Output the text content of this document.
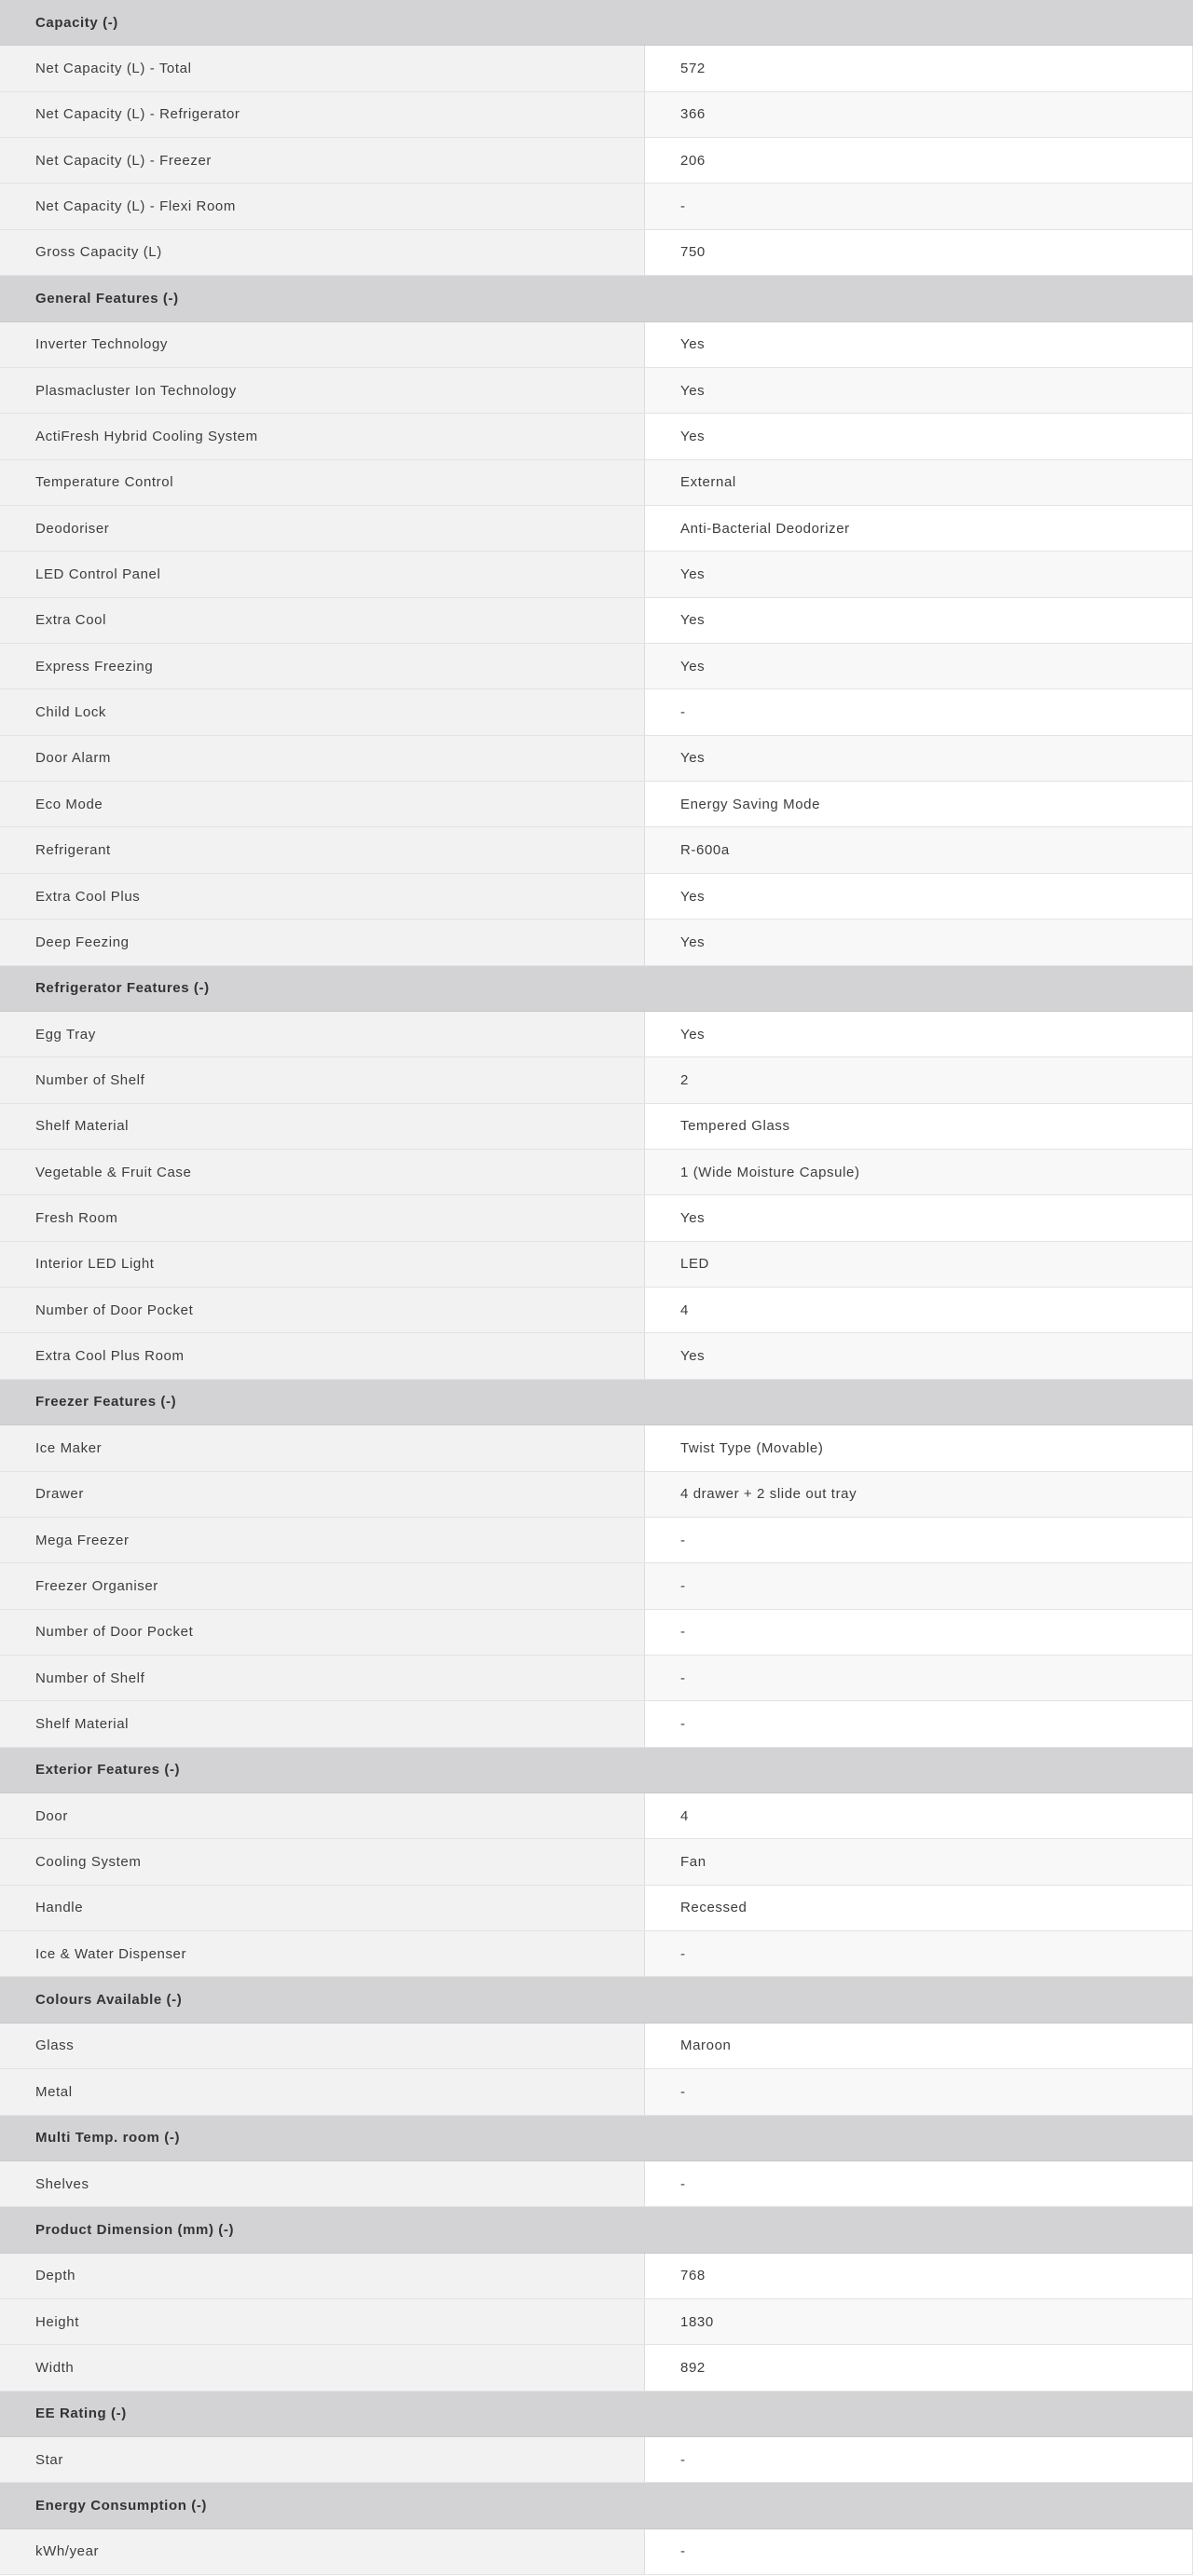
Capacity (-)
Net Capacity (L) - Total	572
Net Capacity (L) - Refrigerator	366
Net Capacity (L) - Freezer	206
Net Capacity (L) - Flexi Room	-
Gross Capacity (L)	750
General Features (-)
Inverter Technology	Yes
Plasmacluster Ion Technology	Yes
ActiFresh Hybrid Cooling System	Yes
Temperature Control	External
Deodoriser	Anti-Bacterial Deodorizer
LED Control Panel	Yes
Extra Cool	Yes
Express Freezing	Yes
Child Lock	-
Door Alarm	Yes
Eco Mode	Energy Saving Mode
Refrigerant	R-600a
Extra Cool Plus	Yes
Deep Feezing	Yes
Refrigerator Features (-)
Egg Tray	Yes
Number of Shelf	2
Shelf Material	Tempered Glass
Vegetable & Fruit Case	1 (Wide Moisture Capsule)
Fresh Room	Yes
Interior LED Light	LED
Number of Door Pocket	4
Extra Cool Plus Room	Yes
Freezer Features (-)
Ice Maker	Twist Type (Movable)
Drawer	4 drawer + 2 slide out tray
Mega Freezer	-
Freezer Organiser	-
Number of Door Pocket	-
Number of Shelf	-
Shelf Material	-
Exterior Features (-)
Door	4
Cooling System	Fan
Handle	Recessed
Ice & Water Dispenser	-
Colours Available (-)
Glass	Maroon
Metal	-
Multi Temp. room (-)
Shelves	-
Product Dimension (mm) (-)
Depth	768
Height	1830
Width	892
EE Rating (-)
Star	-
Energy Consumption (-)
kWh/year	-
